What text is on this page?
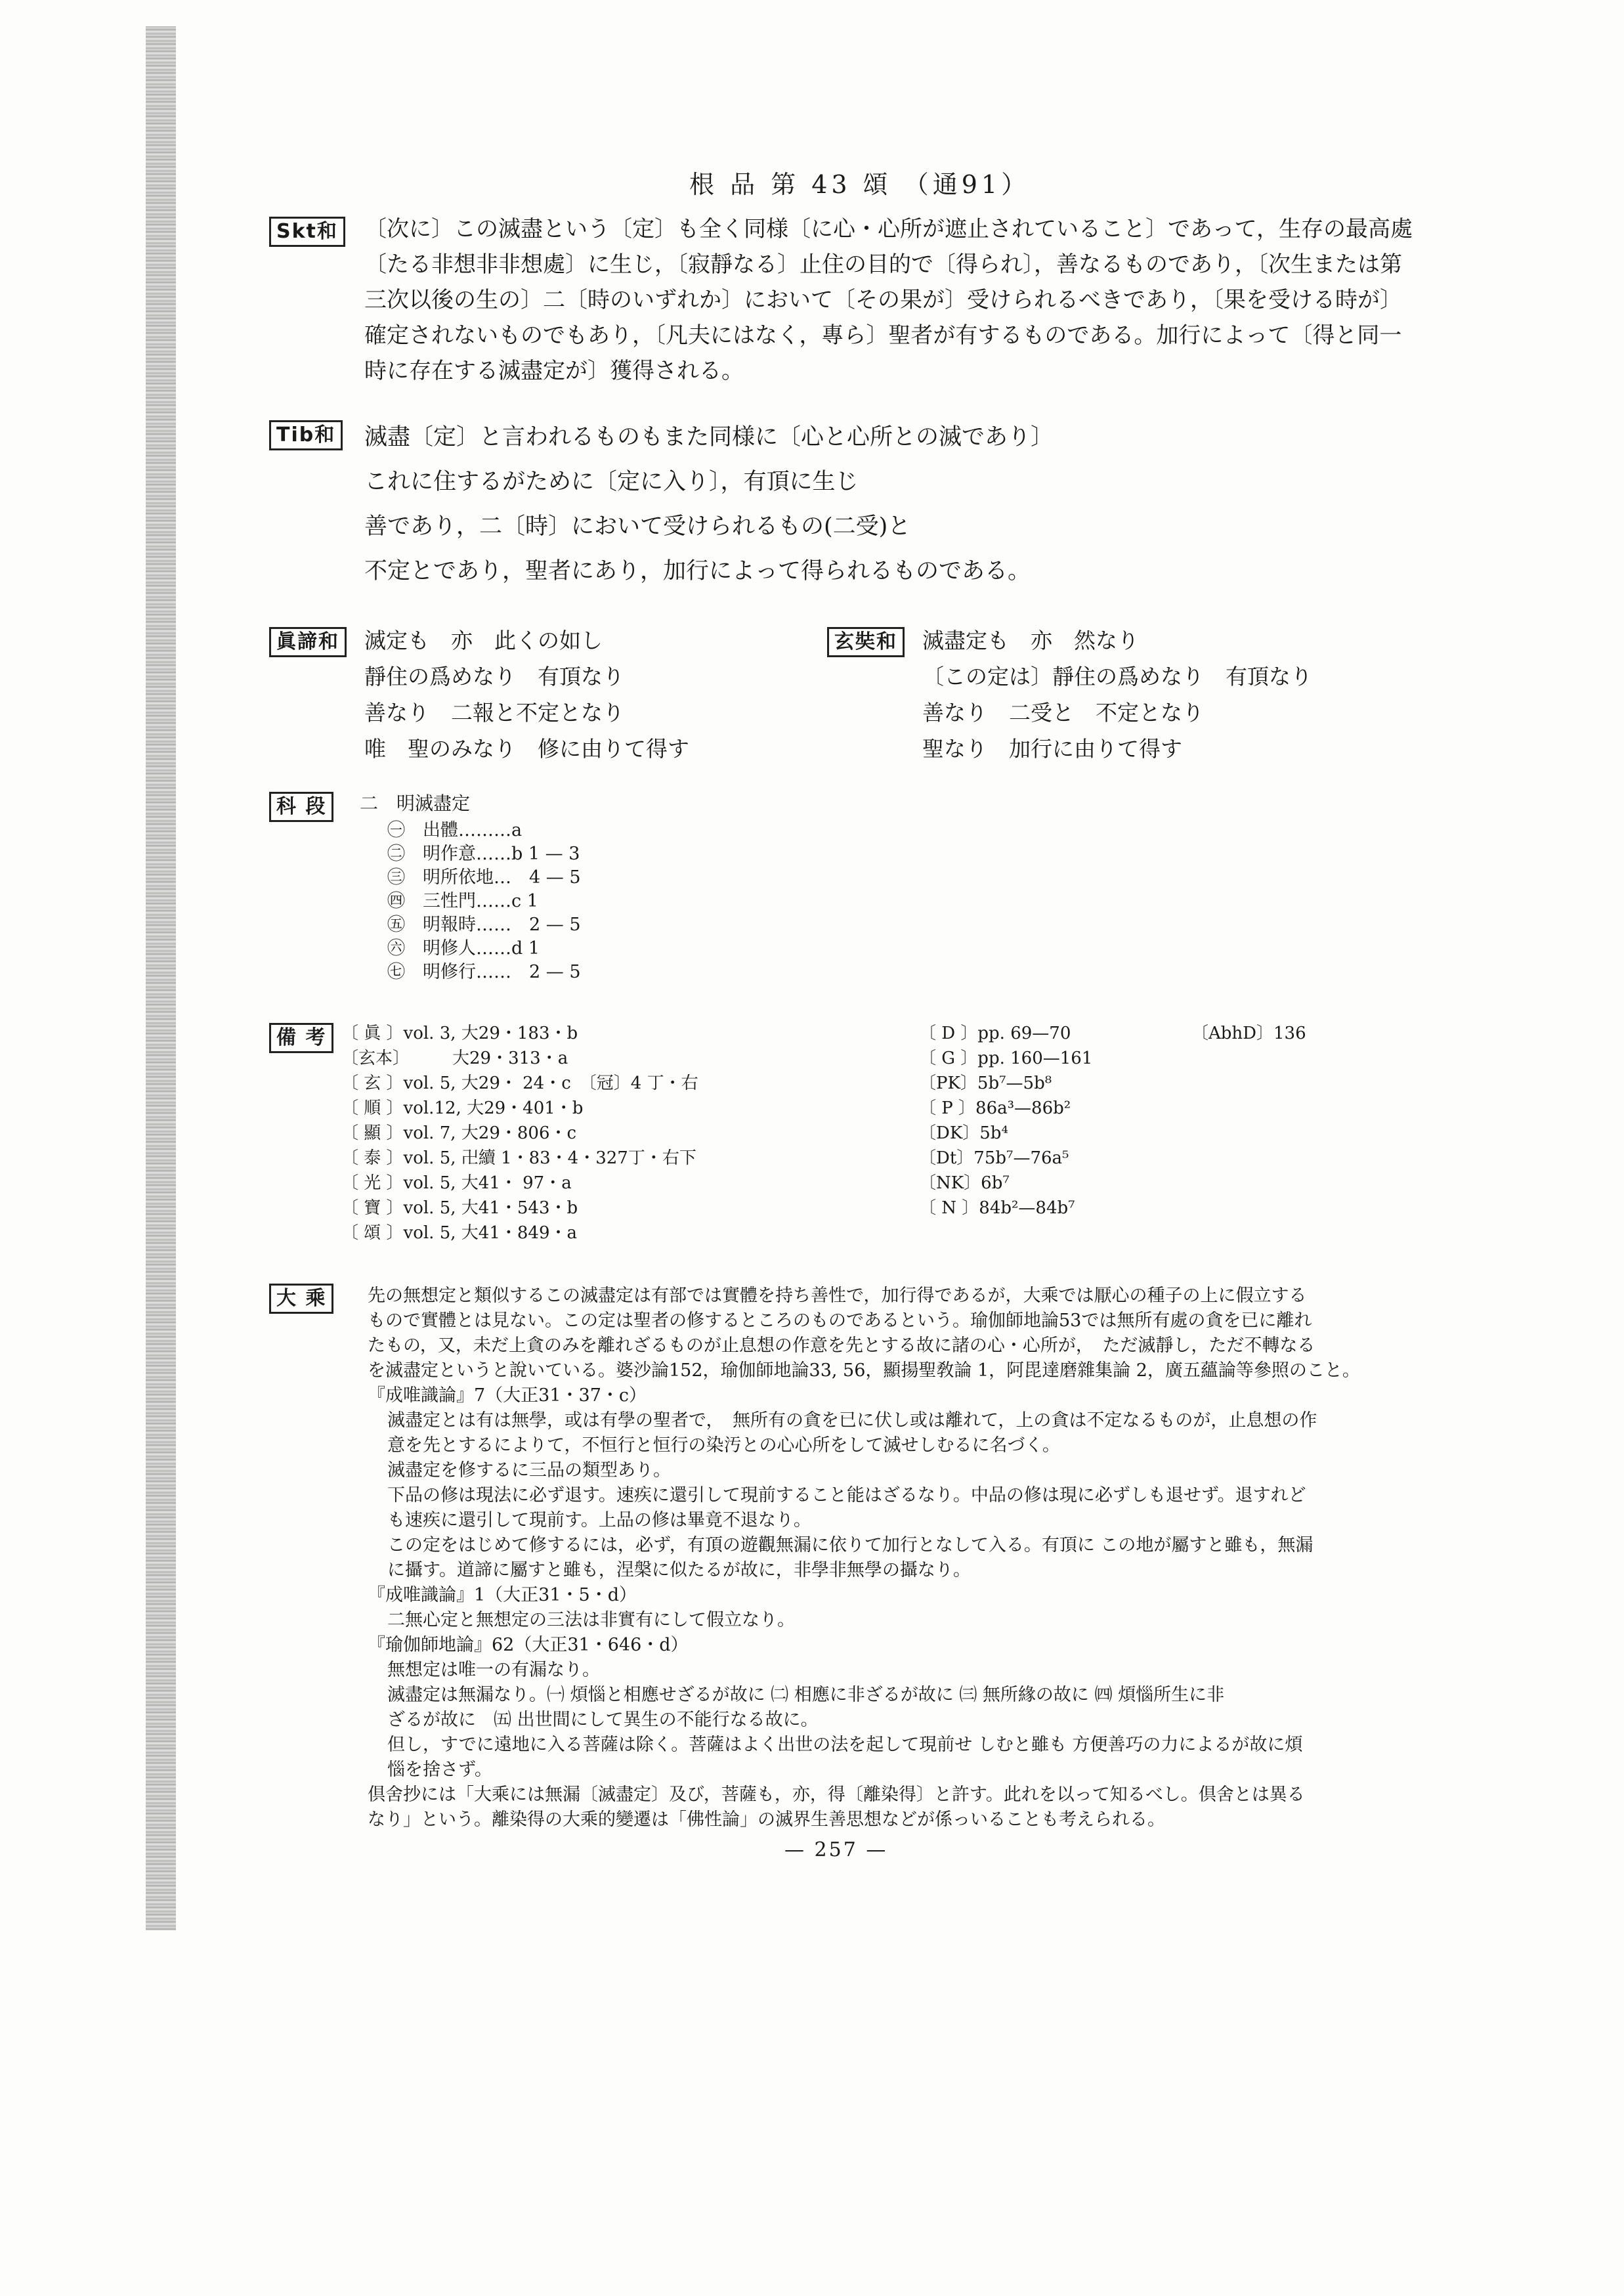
根 品 第 43 頌 （通91）
Skt和	〔次に〕この滅盡という〔定〕も全く同様〔に心・心所が遮止されていること〕であって，生存の最高處
〔たる非想非非想處〕に生じ，〔寂靜なる〕止住の目的で〔得られ〕，善なるものであり，〔次生または第
三次以後の生の〕二〔時のいずれか〕において〔その果が〕受けられるべきであり，〔果を受ける時が〕
確定されないものでもあり，〔凡夫にはなく，專ら〕聖者が有するものである。加行によって〔得と同一
時に存在する滅盡定が〕獲得される。
Tib和	滅盡〔定〕と言われるものもまた同様に〔心と心所との滅であり〕
これに住するがために〔定に入り〕，有頂に生じ
善であり，二〔時〕において受けられるもの(二受)と
不定とであり，聖者にあり，加行によって得られるものである。
眞諦和	滅定も　亦　此くの如し
靜住の爲めなり　有頂なり
善なり　二報と不定となり
唯　聖のみなり　修に由りて得す
玄奘和	滅盡定も　亦　然なり
〔この定は〕靜住の爲めなり　有頂なり
善なり　二受と　不定となり
聖なり　加行に由りて得す
科 段	二　明滅盡定
㊀　出體………a
㊁　明作意……b 1 — 3
㊂　明所依地…　4 — 5
㊃　三性門……c 1
㊄　明報時……　2 — 5
㊅　明修人……d 1
㊆　明修行……　2 — 5
備 考 〔 眞 〕vol. 3, 大29・183・b
〔玄本〕　　　大29・313・a
〔 玄 〕vol. 5, 大29・ 24・c　〔冠〕4 丁・右
〔 順 〕vol.12, 大29・401・b
〔 顯 〕vol. 7, 大29・806・c
〔 泰 〕vol. 5, 卍續 1・83・4・327丁・右下
〔 光 〕vol. 5, 大41・ 97・a
〔 寶 〕vol. 5, 大41・543・b
〔 頌 〕vol. 5, 大41・849・a
〔 D 〕pp. 69—70
〔 G 〕pp. 160—161
〔PK〕5b⁷—5b⁸
〔 P 〕86a³—86b²
〔DK〕5b⁴
〔Dt〕75b⁷—76a⁵
〔NK〕6b⁷
〔 N 〕84b²—84b⁷
〔AbhD〕136
大 乘	先の無想定と類似するこの滅盡定は有部では實體を持ち善性で，加行得であるが，大乘では厭心の種子の上に假立する
もので實體とは見ない。この定は聖者の修するところのものであるという。瑜伽師地論53では無所有處の貪を已に離れ
たもの，又，未だ上貪のみを離れざるものが止息想の作意を先とする故に諸の心・心所が，　ただ滅靜し，ただ不轉なる
を滅盡定というと說いている。婆沙論152，瑜伽師地論33, 56，顯揚聖敎論 1，阿毘達磨雜集論 2，廣五蘊論等參照のこと。
『成唯識論』7（大正31・37・c）
滅盡定とは有は無學，或は有學の聖者で，　無所有の貪を已に伏し或は離れて，上の貪は不定なるものが，止息想の作
意を先とするによりて，不恒行と恒行の染汚との心心所をして滅せしむるに名づく。
滅盡定を修するに三品の類型あり。
下品の修は現法に必ず退す。速疾に還引して現前すること能はざるなり。中品の修は現に必ずしも退せず。退すれど
も速疾に還引して現前す。上品の修は畢竟不退なり。
この定をはじめて修するには，必ず，有頂の遊觀無漏に依りて加行となして入る。有頂に この地が屬すと雖も，無漏
に攝す。道諦に屬すと雖も，涅槃に似たるが故に，非學非無學の攝なり。
『成唯識論』1（大正31・5・d）
二無心定と無想定の三法は非實有にして假立なり。
『瑜伽師地論』62（大正31・646・d）
無想定は唯一の有漏なり。
滅盡定は無漏なり。㈠ 煩惱と相應せざるが故に ㈡ 相應に非ざるが故に ㈢ 無所緣の故に ㈣ 煩惱所生に非
ざるが故に　㈤ 出世間にして異生の不能行なる故に。
但し，すでに遠地に入る菩薩は除く。菩薩はよく出世の法を起して現前せ しむと雖も 方便善巧の力によるが故に煩
惱を捨さず。
倶舍抄には「大乘には無漏〔滅盡定〕及び，菩薩も，亦，得〔離染得〕と許す。此れを以って知るべし。倶舍とは異る
なり」という。離染得の大乘的變遷は「佛性論」の滅界生善思想などが係っいることも考えられる。
— 257 —
